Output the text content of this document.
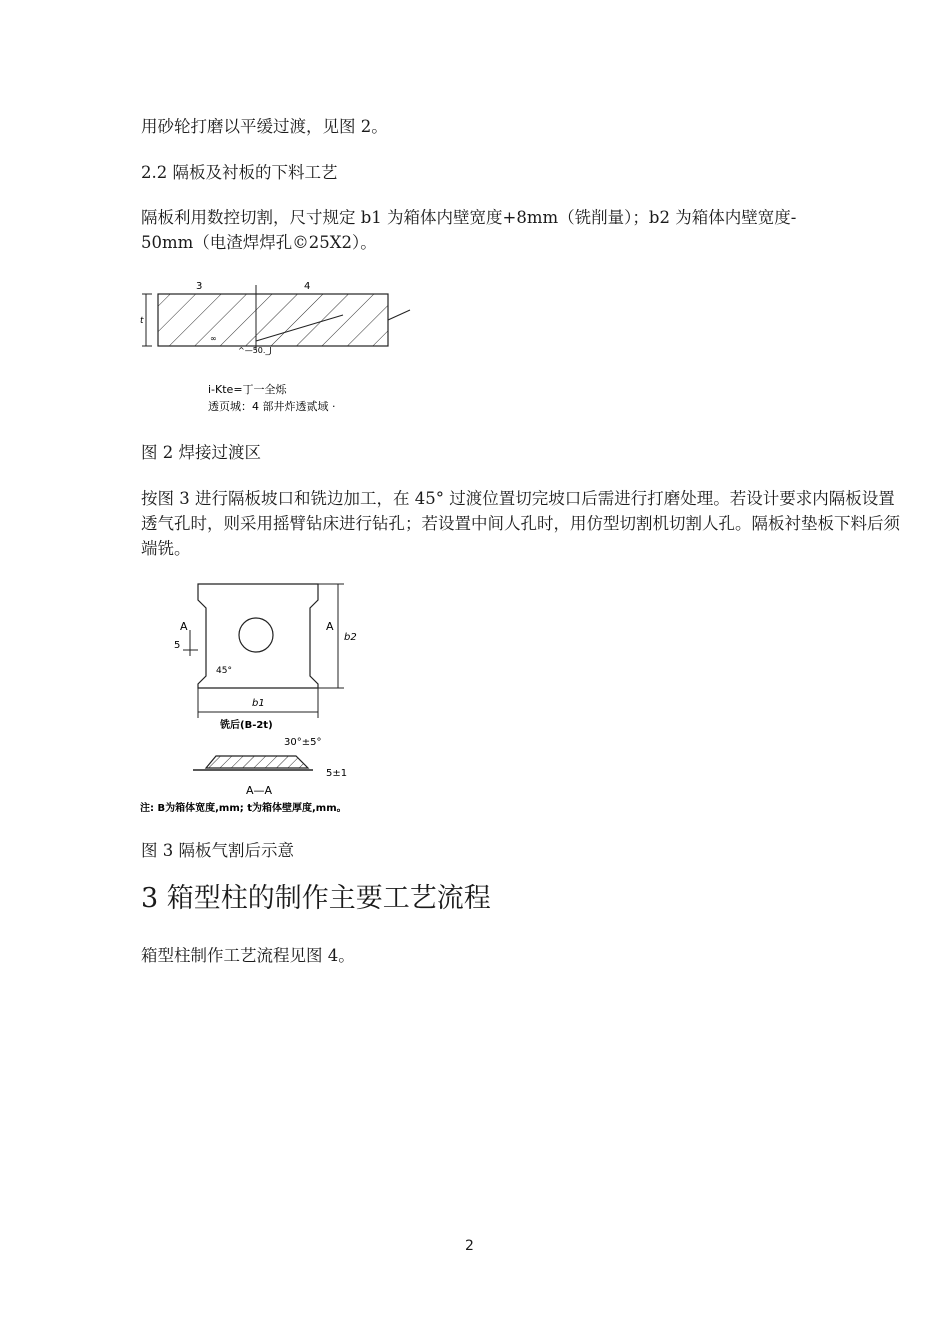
用砂轮打磨以平缓过渡，见图 2。

2.2 隔板及衬板的下料工艺

隔板利用数控切割，尺寸规定 b1 为箱体内壁宽度+8mm（铣削量）；b2 为箱体内壁宽度-

50mm（电渣焊焊孔©25X2）。

3	4
t
∞
^—50._J
i-Kte=丁一全烁
透页城：4 部井炸透贰域 ·

图 2 焊接过渡区

按图 3 进行隔板坡口和铣边加工，在 45° 过渡位置切完坡口后需进行打磨处理。若设计要求内隔板设置透气孔时，则采用摇臂钻床进行钻孔；若设置中间人孔时，用仿型切割机切割人孔。隔板衬垫板下料后须端铣。

A	A
5
45°
b2
b1
铣后(B-2t)
30°±5°
5±1
A—A
注: B为箱体宽度,mm; t为箱体壁厚度,mm。

图 3 隔板气割后示意

3 箱型柱的制作主要工艺流程

箱型柱制作工艺流程见图 4。

2
